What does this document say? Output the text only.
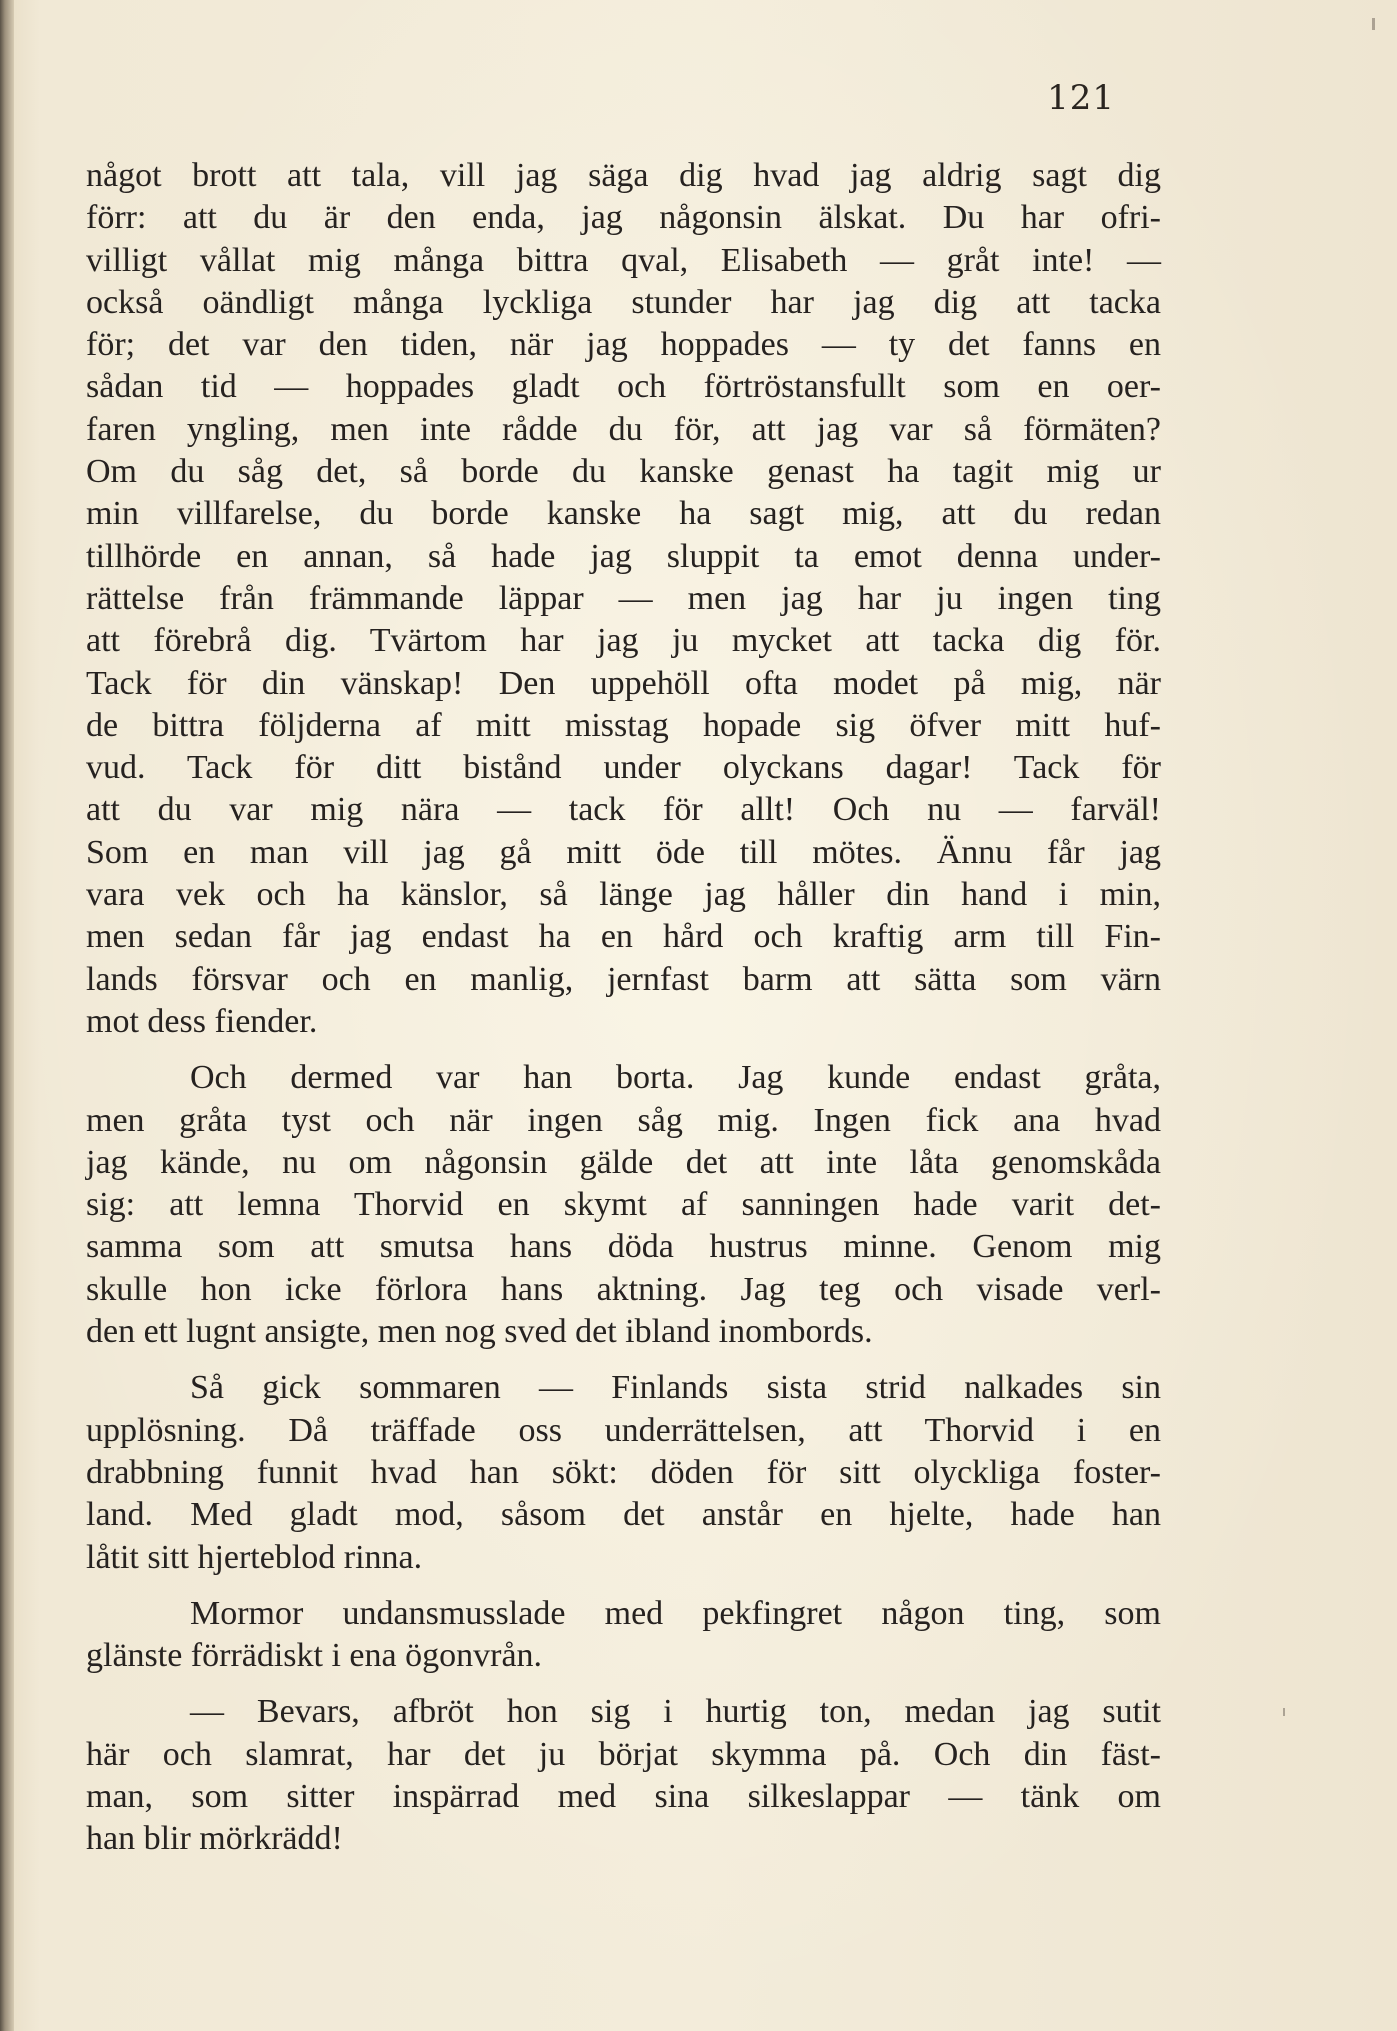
121
något brott att tala, vill jag säga dig hvad jag aldrig sagt dig
förr: att du är den enda, jag någonsin älskat. Du har ofri-
villigt vållat mig många bittra qval, Elisabeth — gråt inte! —
också oändligt många lyckliga stunder har jag dig att tacka
för; det var den tiden, när jag hoppades — ty det fanns en
sådan tid — hoppades gladt och förtröstansfullt som en oer-
faren yngling, men inte rådde du för, att jag var så förmäten?
Om du såg det, så borde du kanske genast ha tagit mig ur
min villfarelse, du borde kanske ha sagt mig, att du redan
tillhörde en annan, så hade jag sluppit ta emot denna under-
rättelse från främmande läppar — men jag har ju ingen ting
att förebrå dig. Tvärtom har jag ju mycket att tacka dig för.
Tack för din vänskap! Den uppehöll ofta modet på mig, när
de bittra följderna af mitt misstag hopade sig öfver mitt huf-
vud. Tack för ditt bistånd under olyckans dagar! Tack för
att du var mig nära — tack för allt! Och nu — farväl!
Som en man vill jag gå mitt öde till mötes. Ännu får jag
vara vek och ha känslor, så länge jag håller din hand i min,
men sedan får jag endast ha en hård och kraftig arm till Fin-
lands försvar och en manlig, jernfast barm att sätta som värn
mot dess fiender.
Och dermed var han borta. Jag kunde endast gråta,
men gråta tyst och när ingen såg mig. Ingen fick ana hvad
jag kände, nu om någonsin gälde det att inte låta genomskåda
sig: att lemna Thorvid en skymt af sanningen hade varit det-
samma som att smutsa hans döda hustrus minne. Genom mig
skulle hon icke förlora hans aktning. Jag teg och visade verl-
den ett lugnt ansigte, men nog sved det ibland inombords.
Så gick sommaren — Finlands sista strid nalkades sin
upplösning. Då träffade oss underrättelsen, att Thorvid i en
drabbning funnit hvad han sökt: döden för sitt olyckliga foster-
land. Med gladt mod, såsom det anstår en hjelte, hade han
låtit sitt hjerteblod rinna.
Mormor undansmusslade med pekfingret någon ting, som
glänste förrädiskt i ena ögonvrån.
— Bevars, afbröt hon sig i hurtig ton, medan jag sutit
här och slamrat, har det ju börjat skymma på. Och din fäst-
man, som sitter inspärrad med sina silkeslappar — tänk om
han blir mörkrädd!
